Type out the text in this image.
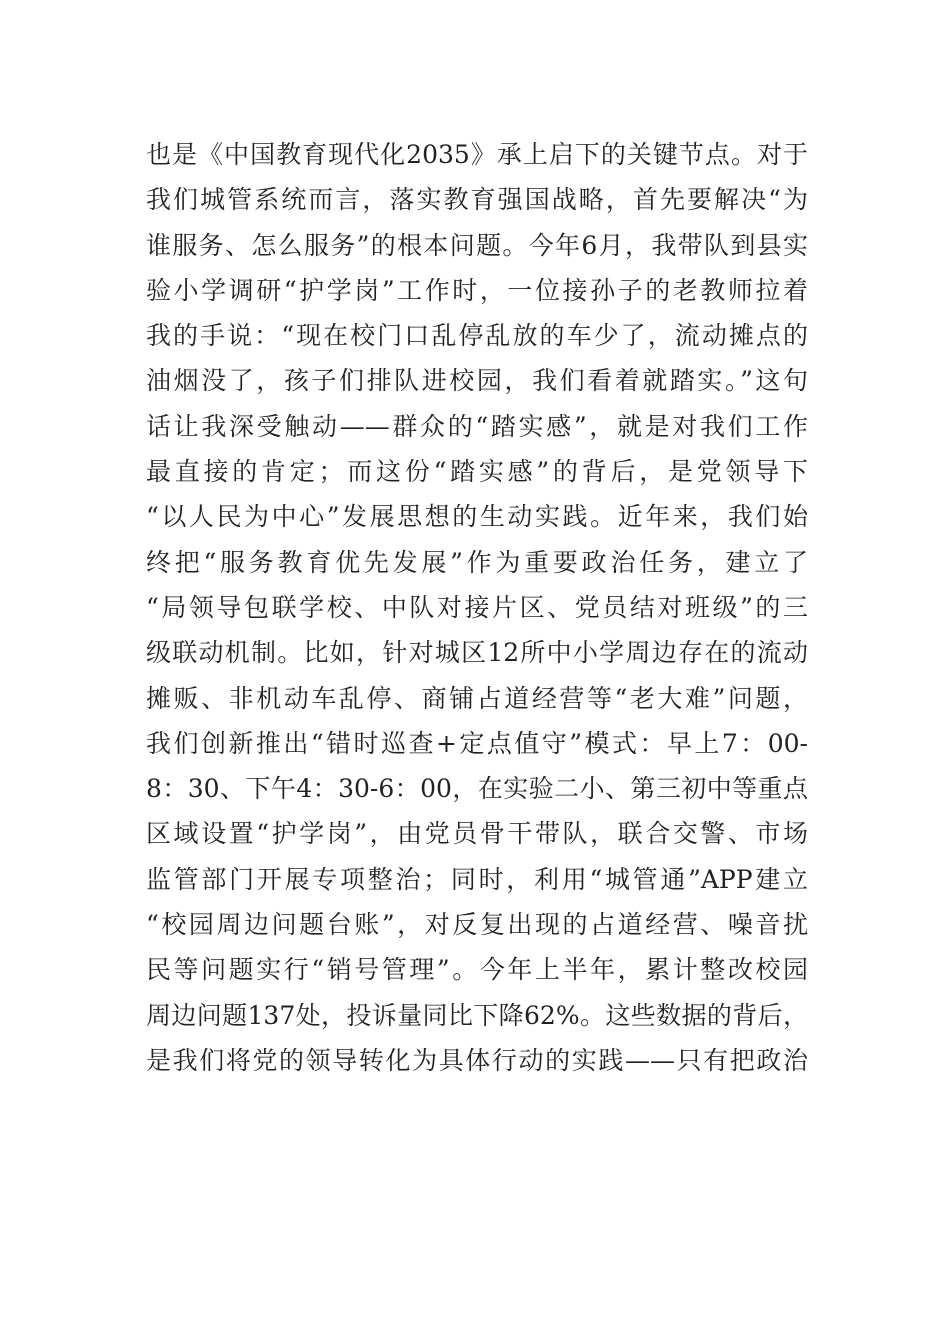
也是《中国教育现代化2035》承上启下的关键节点。对于
我们城管系统而言，落实教育强国战略，首先要解决“为
谁服务、怎么服务”的根本问题。今年6月，我带队到县实
验小学调研“护学岗”工作时，一位接孙子的老教师拉着
我的手说：“现在校门口乱停乱放的车少了，流动摊点的
油烟没了，孩子们排队进校园，我们看着就踏实。”这句
话让我深受触动——群众的“踏实感”，就是对我们工作
最直接的肯定；而这份“踏实感”的背后，是党领导下
“以人民为中心”发展思想的生动实践。近年来，我们始
终把“服务教育优先发展”作为重要政治任务，建立了
“局领导包联学校、中队对接片区、党员结对班级”的三
级联动机制。比如，针对城区12所中小学周边存在的流动
摊贩、非机动车乱停、商铺占道经营等“老大难”问题，
我们创新推出“错时巡查+定点值守”模式：早上7：00-
8：30、下午4：30-6：00，在实验二小、第三初中等重点
区域设置“护学岗”，由党员骨干带队，联合交警、市场
监管部门开展专项整治；同时，利用“城管通”APP建立
“校园周边问题台账”，对反复出现的占道经营、噪音扰
民等问题实行“销号管理”。今年上半年，累计整改校园
周边问题137处，投诉量同比下降62%。这些数据的背后，
是我们将党的领导转化为具体行动的实践——只有把政治
